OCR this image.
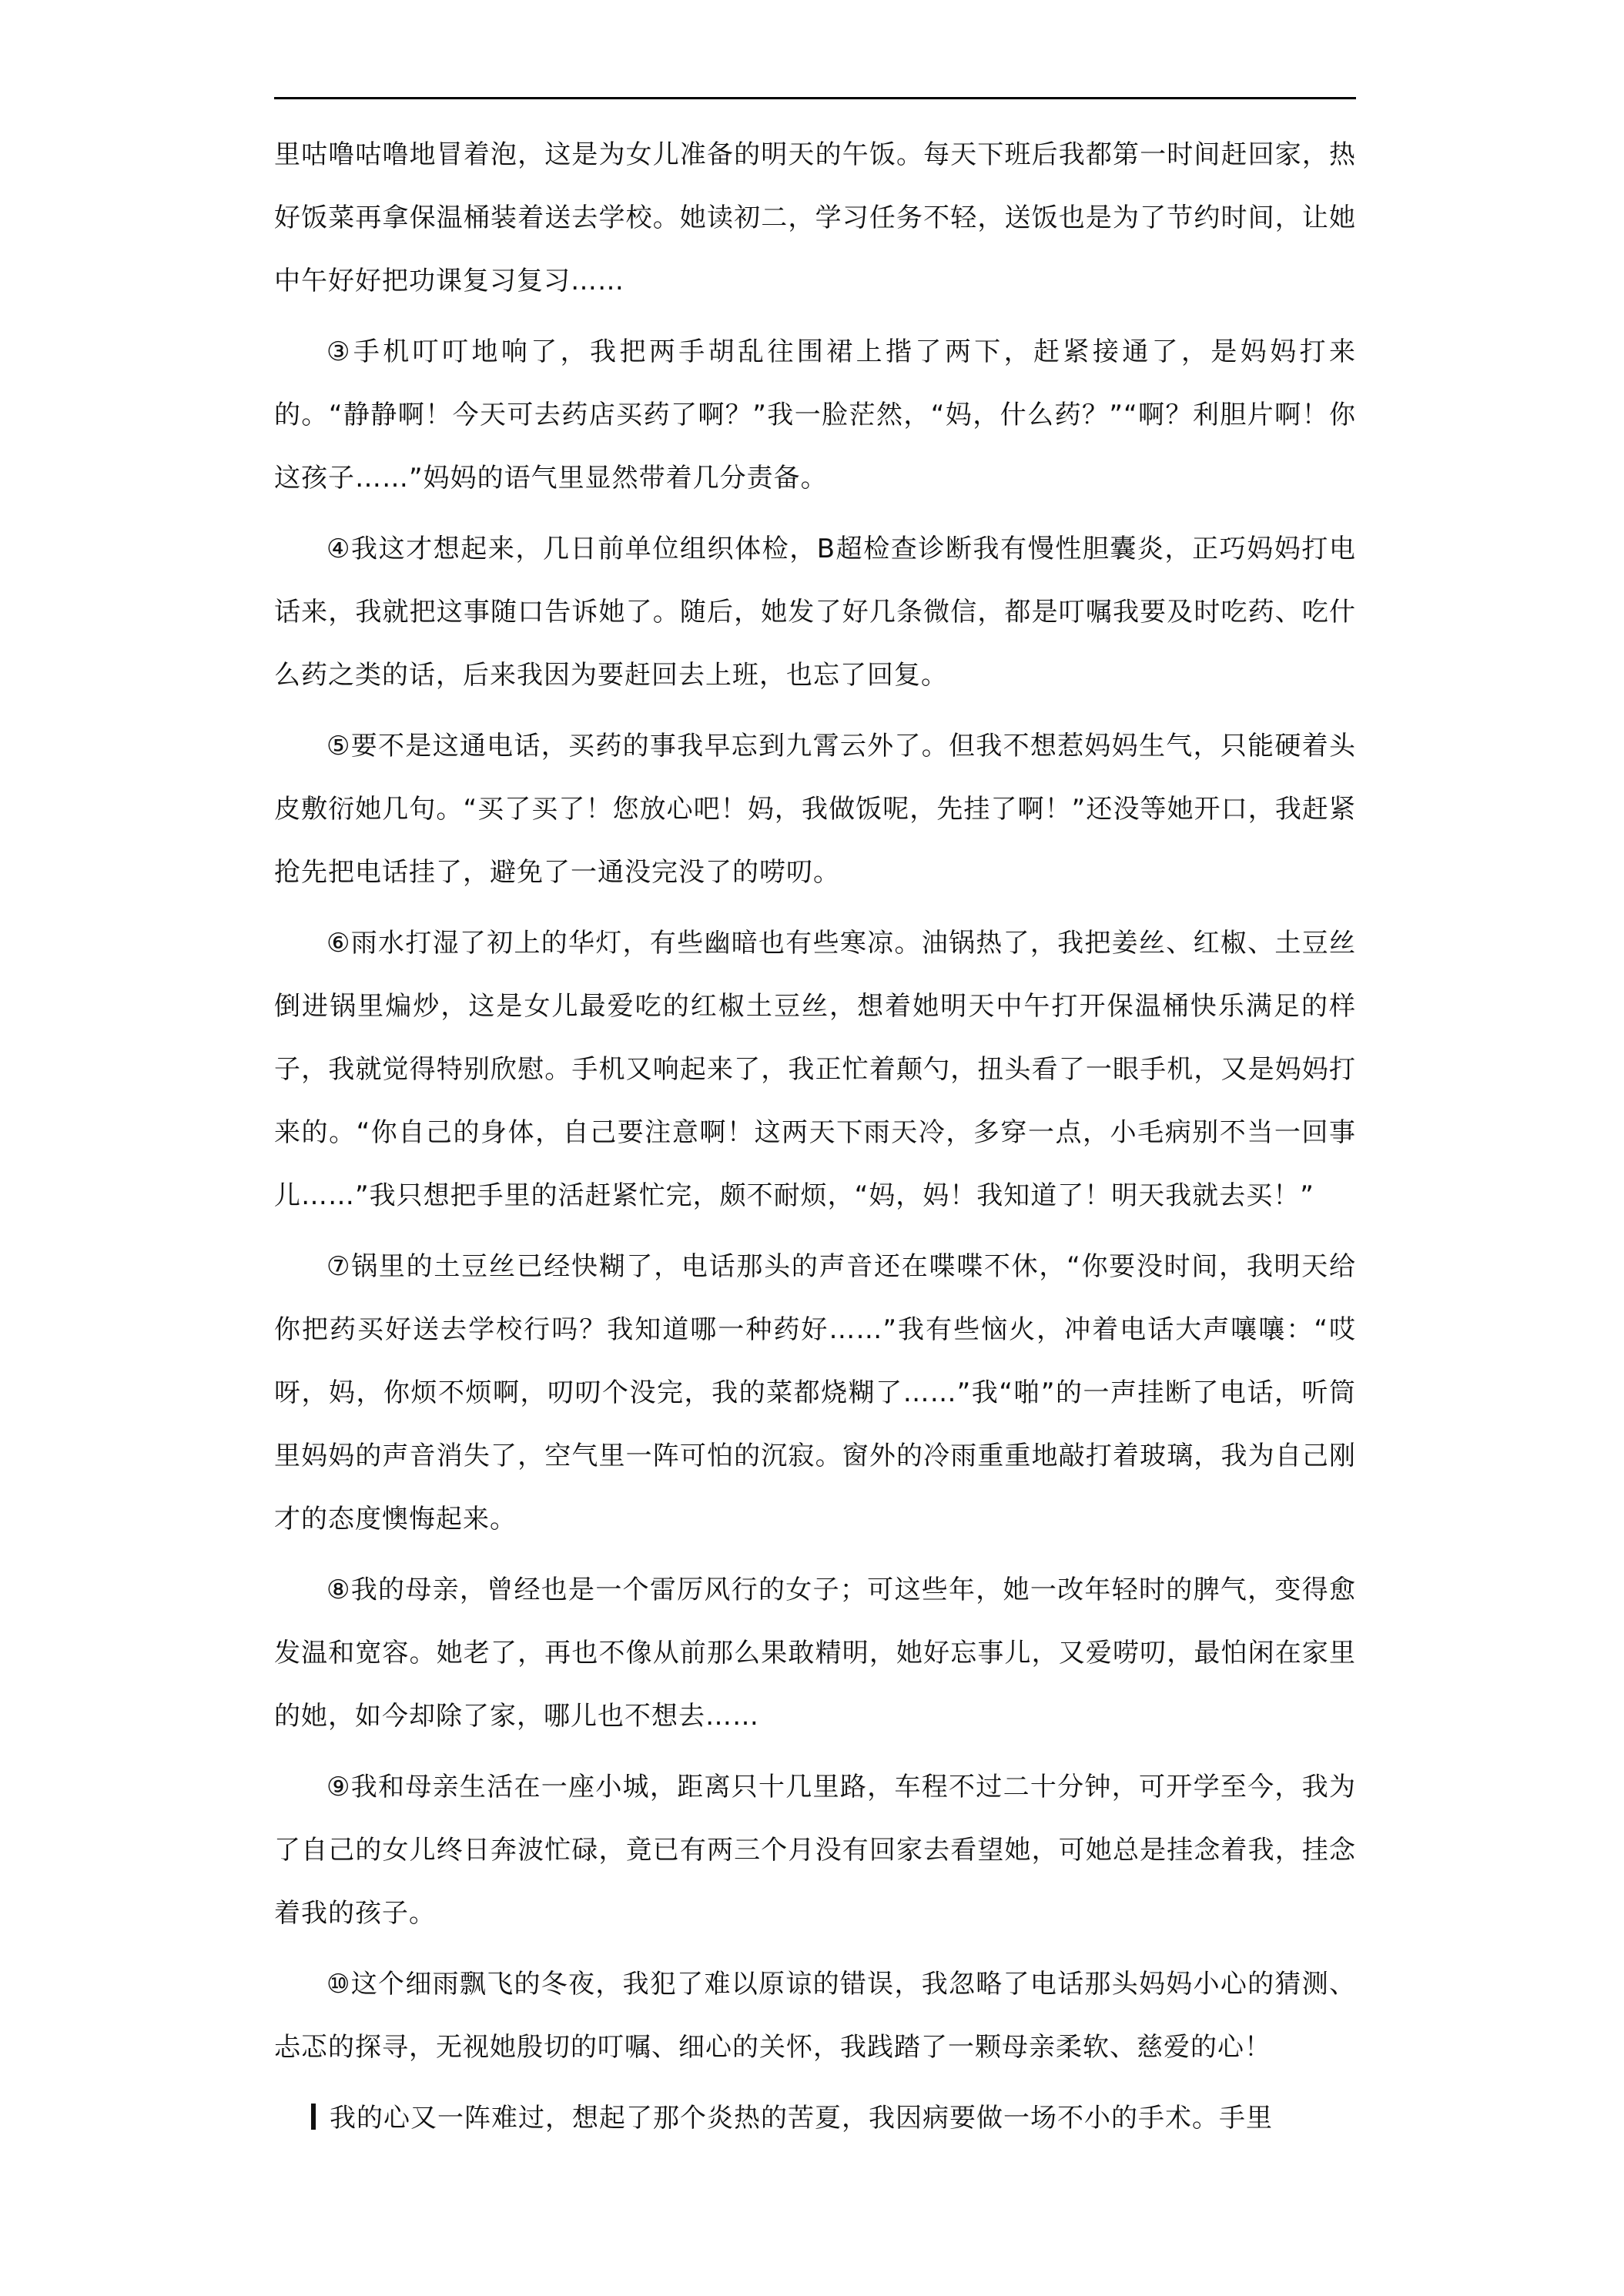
里咕噜咕噜地冒着泡，这是为女儿准备的明天的午饭。每天下班后我都第一时间赶回家，热好饭菜再拿保温桶装着送去学校。她读初二，学习任务不轻，送饭也是为了节约时间，让她中午好好把功课复习复习……

③手机叮叮地响了，我把两手胡乱往围裙上揩了两下，赶紧接通了，是妈妈打来的。“静静啊！今天可去药店买药了啊？”我一脸茫然，“妈，什么药？”“啊？利胆片啊！你这孩子……”妈妈的语气里显然带着几分责备。

④我这才想起来，几日前单位组织体检，B超检查诊断我有慢性胆囊炎，正巧妈妈打电话来，我就把这事随口告诉她了。随后，她发了好几条微信，都是叮嘱我要及时吃药、吃什么药之类的话，后来我因为要赶回去上班，也忘了回复。

⑤要不是这通电话，买药的事我早忘到九霄云外了。但我不想惹妈妈生气，只能硬着头皮敷衍她几句。“买了买了！您放心吧！妈，我做饭呢，先挂了啊！”还没等她开口，我赶紧抢先把电话挂了，避免了一通没完没了的唠叨。

⑥雨水打湿了初上的华灯，有些幽暗也有些寒凉。油锅热了，我把姜丝、红椒、土豆丝倒进锅里煸炒，这是女儿最爱吃的红椒土豆丝，想着她明天中午打开保温桶快乐满足的样子，我就觉得特别欣慰。手机又响起来了，我正忙着颠勺，扭头看了一眼手机，又是妈妈打来的。“你自己的身体，自己要注意啊！这两天下雨天冷，多穿一点，小毛病别不当一回事儿……”我只想把手里的活赶紧忙完，颇不耐烦，“妈，妈！我知道了！明天我就去买！”

⑦锅里的土豆丝已经快糊了，电话那头的声音还在喋喋不休，“你要没时间，我明天给你把药买好送去学校行吗？我知道哪一种药好……”我有些恼火，冲着电话大声嚷嚷：“哎呀，妈，你烦不烦啊，叨叨个没完，我的菜都烧糊了……”我“啪”的一声挂断了电话，听筒里妈妈的声音消失了，空气里一阵可怕的沉寂。窗外的冷雨重重地敲打着玻璃，我为自己刚才的态度懊悔起来。

⑧我的母亲，曾经也是一个雷厉风行的女子；可这些年，她一改年轻时的脾气，变得愈发温和宽容。她老了，再也不像从前那么果敢精明，她好忘事儿，又爱唠叨，最怕闲在家里的她，如今却除了家，哪儿也不想去……

⑨我和母亲生活在一座小城，距离只十几里路，车程不过二十分钟，可开学至今，我为了自己的女儿终日奔波忙碌，竟已有两三个月没有回家去看望她，可她总是挂念着我，挂念着我的孩子。

⑩这个细雨飘飞的冬夜，我犯了难以原谅的错误，我忽略了电话那头妈妈小心的猜测、忐忑的探寻，无视她殷切的叮嘱、细心的关怀，我践踏了一颗母亲柔软、慈爱的心！

我的心又一阵难过，想起了那个炎热的苦夏，我因病要做一场不小的手术。手里
